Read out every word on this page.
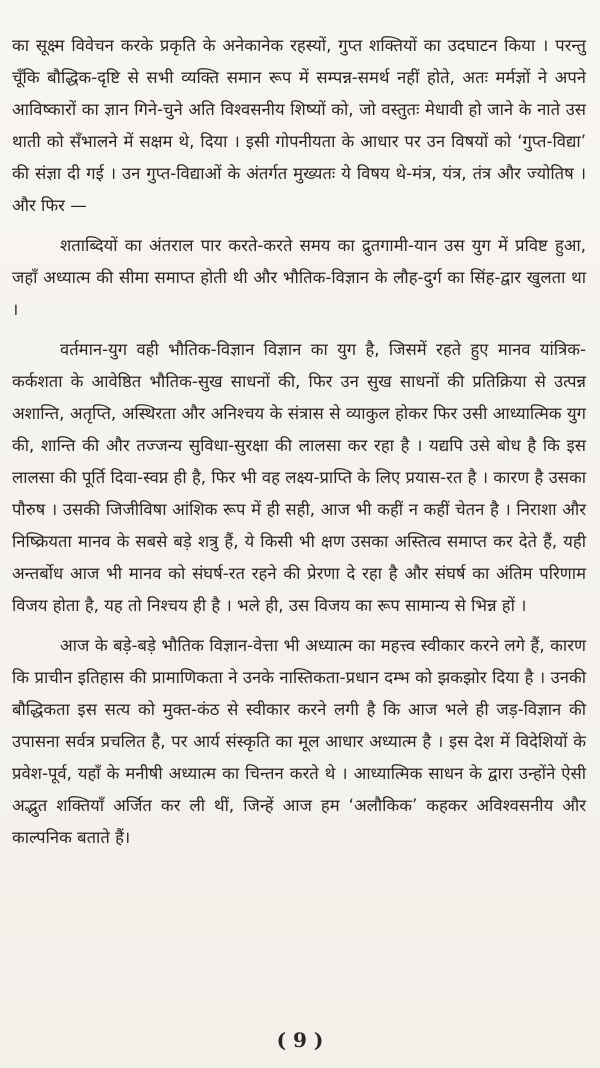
का सूक्ष्म विवेचन करके प्रकृति के अनेकानेक रहस्यों, गुप्त शक्तियों का उदघाटन किया । परन्तु चूँकि बौद्धिक-दृष्टि से सभी व्यक्ति समान रूप में सम्पन्न-समर्थ नहीं होते, अतः मर्मज्ञों ने अपने आविष्कारों का ज्ञान गिने-चुने अति विश्वसनीय शिष्यों को, जो वस्तुतः मेधावी हो जाने के नाते उस थाती को सँभालने में सक्षम थे, दिया । इसी गोपनीयता के आधार पर उन विषयों को ‘गुप्त-विद्या’ की संज्ञा दी गई । उन गुप्त-विद्याओं के अंतर्गत मुख्यतः ये विषय थे-मंत्र, यंत्र, तंत्र और ज्योतिष । और फिर —

शताब्दियों का अंतराल पार करते-करते समय का द्रुतगामी-यान उस युग में प्रविष्ट हुआ, जहाँ अध्यात्म की सीमा समाप्त होती थी और भौतिक-विज्ञान के लौह-दुर्ग का सिंह-द्वार खुलता था ।

वर्तमान-युग वही भौतिक-विज्ञान विज्ञान का युग है, जिसमें रहते हुए मानव यांत्रिक-कर्कशता के आवेष्ठित भौतिक-सुख साधनों की, फिर उन सुख साधनों की प्रतिक्रिया से उत्पन्न अशान्ति, अतृप्ति, अस्थिरता और अनिश्चय के संत्रास से व्याकुल होकर फिर उसी आध्यात्मिक युग की, शान्ति की और तज्जन्य सुविधा-सुरक्षा की लालसा कर रहा है । यद्यपि उसे बोध है कि इस लालसा की पूर्ति दिवा-स्वप्न ही है, फिर भी वह लक्ष्य-प्राप्ति के लिए प्रयास-रत है । कारण है उसका पौरुष । उसकी जिजीविषा आंशिक रूप में ही सही, आज भी कहीं न कहीं चेतन है । निराशा और निष्क्रियता मानव के सबसे बड़े शत्रु हैं, ये किसी भी क्षण उसका अस्तित्व समाप्त कर देते हैं, यही अन्तर्बोध आज भी मानव को संघर्ष-रत रहने की प्रेरणा दे रहा है और संघर्ष का अंतिम परिणाम विजय होता है, यह तो निश्चय ही है । भले ही, उस विजय का रूप सामान्य से भिन्न हों ।

आज के बड़े-बड़े भौतिक विज्ञान-वेत्ता भी अध्यात्म का महत्त्व स्वीकार करने लगे हैं, कारण कि प्राचीन इतिहास की प्रामाणिकता ने उनके नास्तिकता-प्रधान दम्भ को झकझोर दिया है । उनकी बौद्धिकता इस सत्य को मुक्त-कंठ से स्वीकार करने लगी है कि आज भले ही जड़-विज्ञान की उपासना सर्वत्र प्रचलित है, पर आर्य संस्कृति का मूल आधार अध्यात्म है । इस देश में विदेशियों के प्रवेश-पूर्व, यहाँ के मनीषी अध्यात्म का चिन्तन करते थे । आध्यात्मिक साधन के द्वारा उन्होंने ऐसी अद्भुत शक्तियाँ अर्जित कर ली थीं, जिन्हें आज हम ‘अलौकिक’ कहकर अविश्वसनीय और काल्पनिक बताते हैं।

( 9 )
